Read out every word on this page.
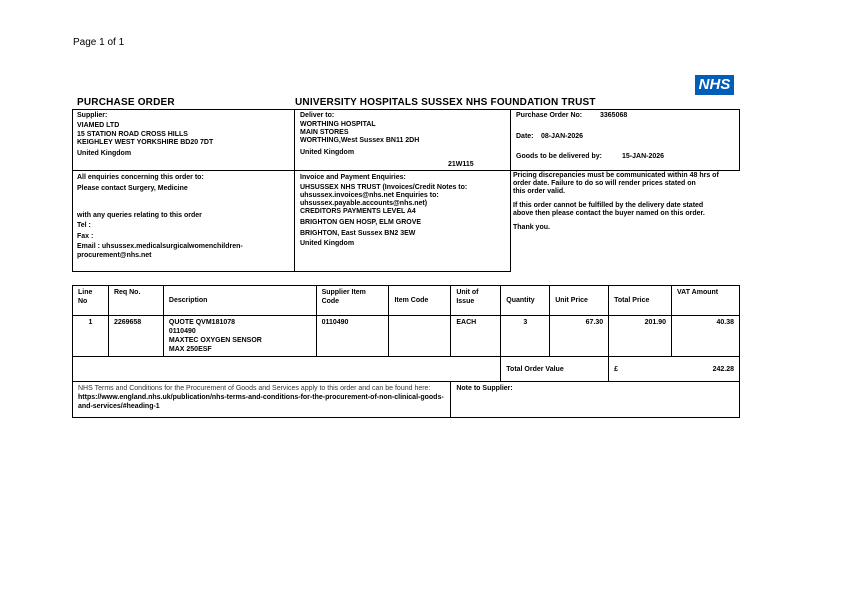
Page 1 of 1
NHS
PURCHASE ORDER	UNIVERSITY HOSPITALS SUSSEX NHS FOUNDATION TRUST
Supplier:
VIAMED LTD
15 STATION ROAD CROSS HILLS
KEIGHLEY WEST YORKSHIRE BD20 7DT
United Kingdom
Deliver to:
WORTHING HOSPITAL
MAIN STORES
WORTHING,West Sussex BN11 2DH
United Kingdom
21W115
Purchase Order No:	3365068
Date: 08-JAN-2026
Goods to be delivered by:	15-JAN-2026
All enquiries concerning this order to:
Please contact Surgery, Medicine
with any queries relating to this order
Tel :
Fax :
Email : uhsussex.medicalsurgicalwomenchildren-
procurement@nhs.net
Invoice and Payment Enquiries:
UHSUSSEX NHS TRUST (Invoices/Credit Notes to:
uhsussex.invoices@nhs.net Enquiries to:
uhsussex.payable.accounts@nhs.net)
CREDITORS PAYMENTS LEVEL A4
BRIGHTON GEN HOSP, ELM GROVE
BRIGHTON, East Sussex BN2 3EW
United Kingdom
Pricing discrepancies must be communicated within 48 hrs of
order date. Failure to do so will render prices stated on
this order valid.
If this order cannot be fulfilled by the delivery date stated
above then please contact the buyer named on this order.
Thank you.
Line No	Req No.	Description	Supplier Item Code	Item Code	Unit of Issue	Quantity	Unit Price	Total Price	VAT Amount
1	2269658	QUOTE QVM181078
0110490
MAXTEC OXYGEN SENSOR
MAX 250ESF	0110490		EACH	3	67.30	201.90	40.38
						Total Order Value		£ 242.28	

NHS Terms and Conditions for the Procurement of Goods and Services apply to this order and can be found here:
https://www.england.nhs.uk/publication/nhs-terms-and-conditions-for-the-procurement-of-non-clinical-goods-and-services/#heading-1					Note to Supplier:				
